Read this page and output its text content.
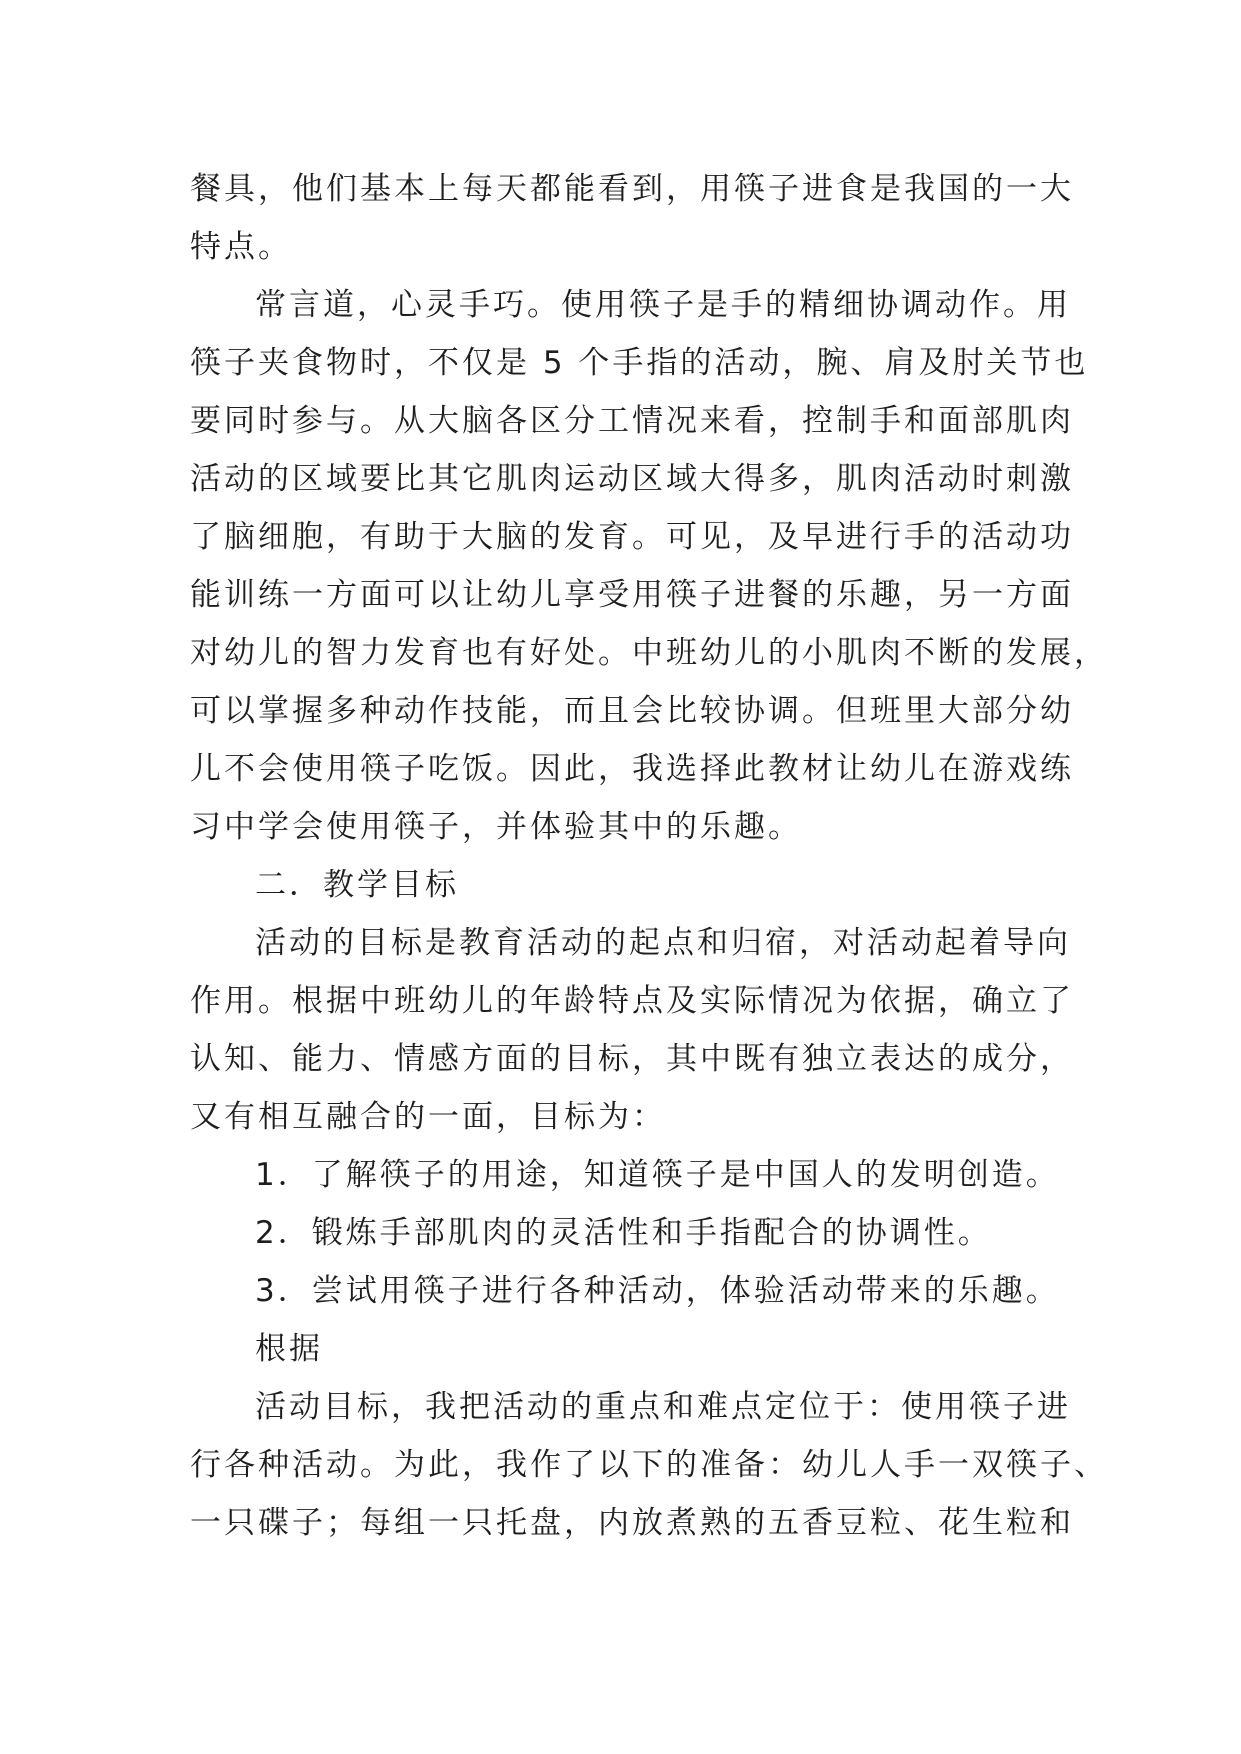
餐具，他们基本上每天都能看到，用筷子进食是我国的一大
特点。
常言道，心灵手巧。使用筷子是手的精细协调动作。用
筷子夹食物时，不仅是 5 个手指的活动，腕、肩及肘关节也
要同时参与。从大脑各区分工情况来看，控制手和面部肌肉
活动的区域要比其它肌肉运动区域大得多，肌肉活动时刺激
了脑细胞，有助于大脑的发育。可见，及早进行手的活动功
能训练一方面可以让幼儿享受用筷子进餐的乐趣，另一方面
对幼儿的智力发育也有好处。中班幼儿的小肌肉不断的发展，
可以掌握多种动作技能，而且会比较协调。但班里大部分幼
儿不会使用筷子吃饭。因此，我选择此教材让幼儿在游戏练
习中学会使用筷子，并体验其中的乐趣。
二．教学目标
活动的目标是教育活动的起点和归宿，对活动起着导向
作用。根据中班幼儿的年龄特点及实际情况为依据，确立了
认知、能力、情感方面的目标，其中既有独立表达的成分，
又有相互融合的一面，目标为：
1．了解筷子的用途，知道筷子是中国人的发明创造。
2．锻炼手部肌肉的灵活性和手指配合的协调性。
3．尝试用筷子进行各种活动，体验活动带来的乐趣。
根据
活动目标，我把活动的重点和难点定位于：使用筷子进
行各种活动。为此，我作了以下的准备：幼儿人手一双筷子、
一只碟子；每组一只托盘，内放煮熟的五香豆粒、花生粒和
